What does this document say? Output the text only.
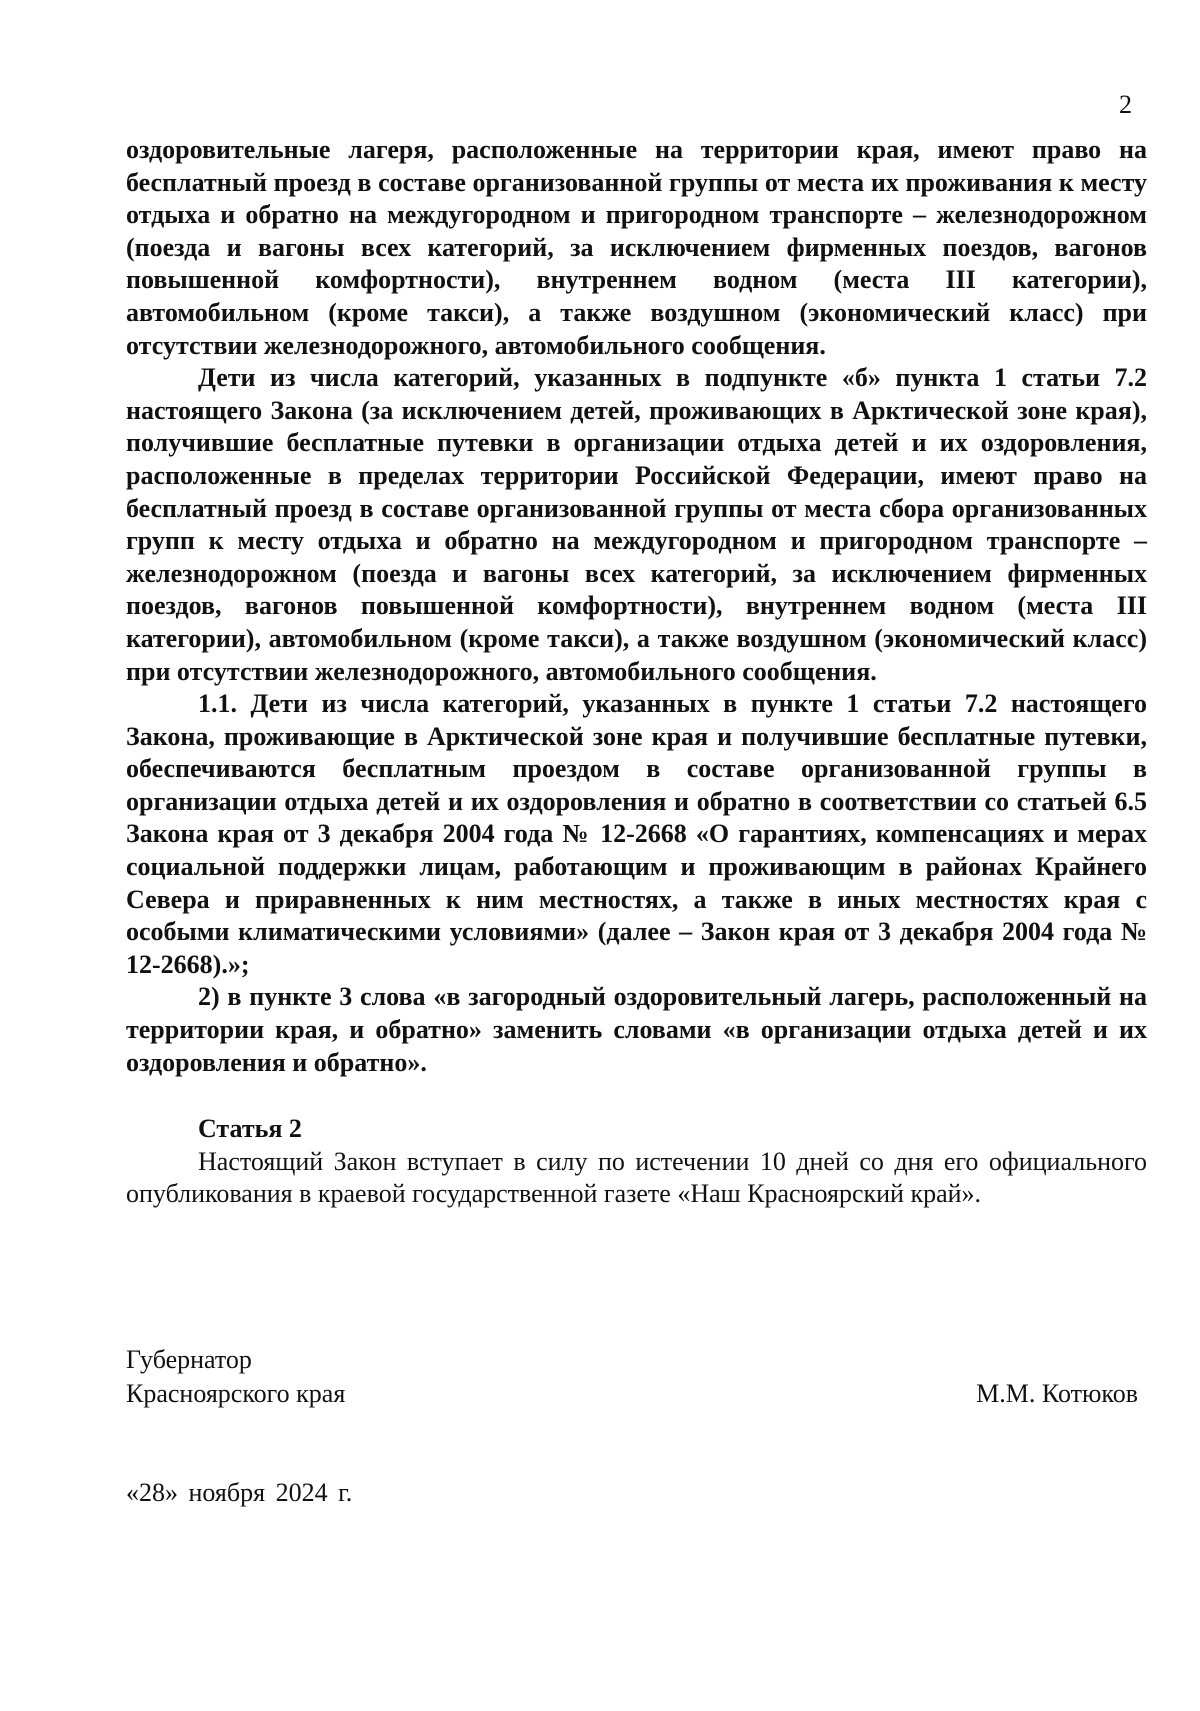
2

оздоровительные лагеря, расположенные на территории края, имеют право на бесплатный проезд в составе организованной группы от места их проживания к месту отдыха и обратно на междугородном и пригородном транспорте – железнодорожном (поезда и вагоны всех категорий, за исключением фирменных поездов, вагонов повышенной комфортности), внутреннем водном (места III категории), автомобильном (кроме такси), а также воздушном (экономический класс) при отсутствии железнодорожного, автомобильного сообщения.

Дети из числа категорий, указанных в подпункте «б» пункта 1 статьи 7.2 настоящего Закона (за исключением детей, проживающих в Арктической зоне края), получившие бесплатные путевки в организации отдыха детей и их оздоровления, расположенные в пределах территории Российской Федерации, имеют право на бесплатный проезд в составе организованной группы от места сбора организованных групп к месту отдыха и обратно на междугородном и пригородном транспорте – железнодорожном (поезда и вагоны всех категорий, за исключением фирменных поездов, вагонов повышенной комфортности), внутреннем водном (места III категории), автомобильном (кроме такси), а также воздушном (экономический класс) при отсутствии железнодорожного, автомобильного сообщения.

1.1. Дети из числа категорий, указанных в пункте 1 статьи 7.2 настоящего Закона, проживающие в Арктической зоне края и получившие бесплатные путевки, обеспечиваются бесплатным проездом в составе организованной группы в организации отдыха детей и их оздоровления и обратно в соответствии со статьей 6.5 Закона края от 3 декабря 2004 года № 12-2668 «О гарантиях, компенсациях и мерах социальной поддержки лицам, работающим и проживающим в районах Крайнего Севера и приравненных к ним местностях, а также в иных местностях края с особыми климатическими условиями» (далее – Закон края от 3 декабря 2004 года № 12-2668).»;

2) в пункте 3 слова «в загородный оздоровительный лагерь, расположенный на территории края, и обратно» заменить словами «в организации отдыха детей и их оздоровления и обратно».

Статья 2

Настоящий Закон вступает в силу по истечении 10 дней со дня его официального опубликования в краевой государственной газете «Наш Красноярский край».

Губернатор
Красноярского края	М.М. Котюков
«28» ноября 2024 г.
